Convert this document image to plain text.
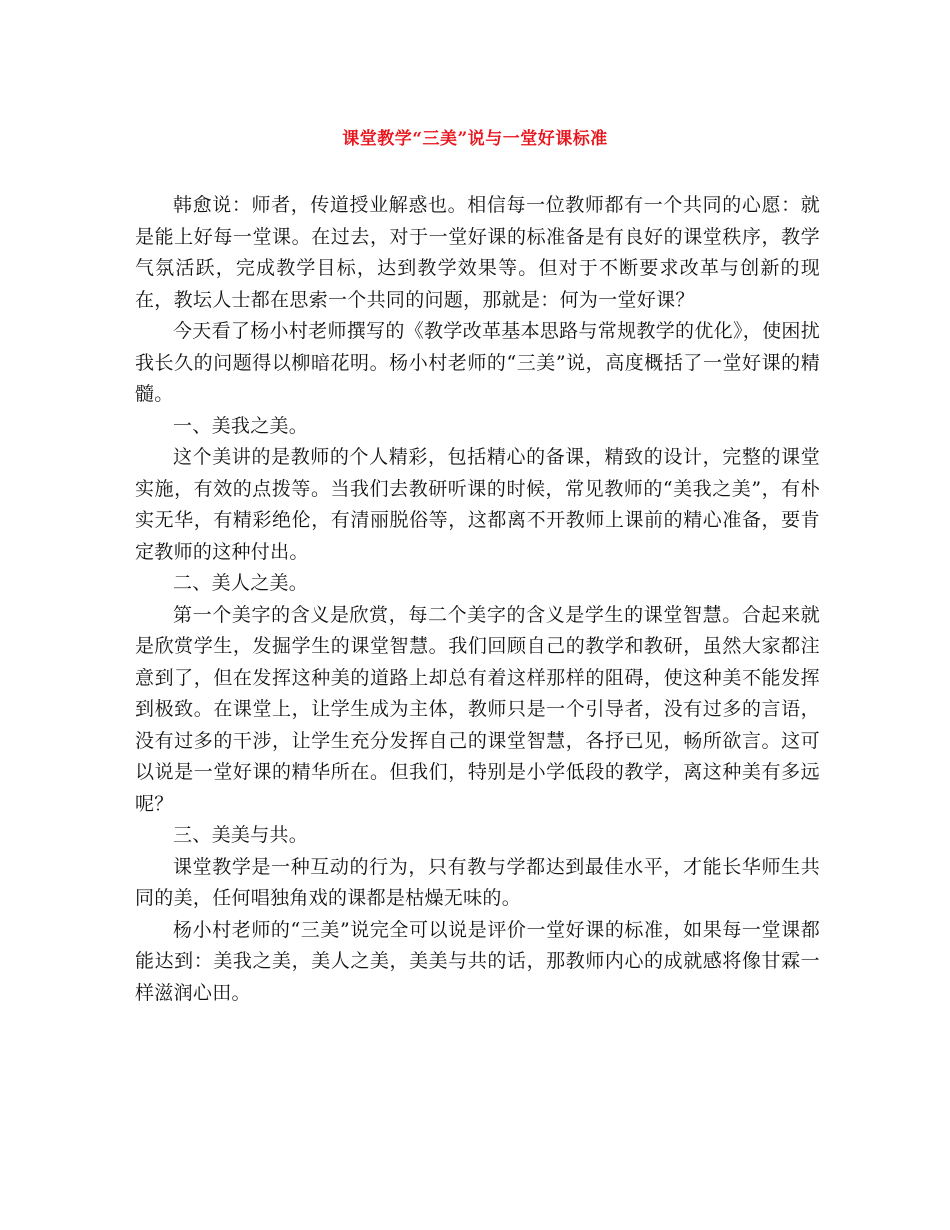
课堂教学“三美”说与一堂好课标准

韩愈说：师者，传道授业解惑也。相信每一位教师都有一个共同的心愿：就是能上好每一堂课。在过去，对于一堂好课的标准备是有良好的课堂秩序，教学气氛活跃，完成教学目标，达到教学效果等。但对于不断要求改革与创新的现在，教坛人士都在思索一个共同的问题，那就是：何为一堂好课？

今天看了杨小村老师撰写的《教学改革基本思路与常规教学的优化》，使困扰我长久的问题得以柳暗花明。杨小村老师的“三美”说，高度概括了一堂好课的精髓。

一、美我之美。

这个美讲的是教师的个人精彩，包括精心的备课，精致的设计，完整的课堂实施，有效的点拨等。当我们去教研听课的时候，常见教师的“美我之美”，有朴实无华，有精彩绝伦，有清丽脱俗等，这都离不开教师上课前的精心准备，要肯定教师的这种付出。

二、美人之美。

第一个美字的含义是欣赏，每二个美字的含义是学生的课堂智慧。合起来就是欣赏学生，发掘学生的课堂智慧。我们回顾自己的教学和教研，虽然大家都注意到了，但在发挥这种美的道路上却总有着这样那样的阻碍，使这种美不能发挥到极致。在课堂上，让学生成为主体，教师只是一个引导者，没有过多的言语，没有过多的干涉，让学生充分发挥自己的课堂智慧，各抒已见，畅所欲言。这可以说是一堂好课的精华所在。但我们，特别是小学低段的教学，离这种美有多远呢？

三、美美与共。

课堂教学是一种互动的行为，只有教与学都达到最佳水平，才能长华师生共同的美，任何唱独角戏的课都是枯燥无味的。

杨小村老师的“三美”说完全可以说是评价一堂好课的标准，如果每一堂课都能达到：美我之美，美人之美，美美与共的话，那教师内心的成就感将像甘霖一样滋润心田。
